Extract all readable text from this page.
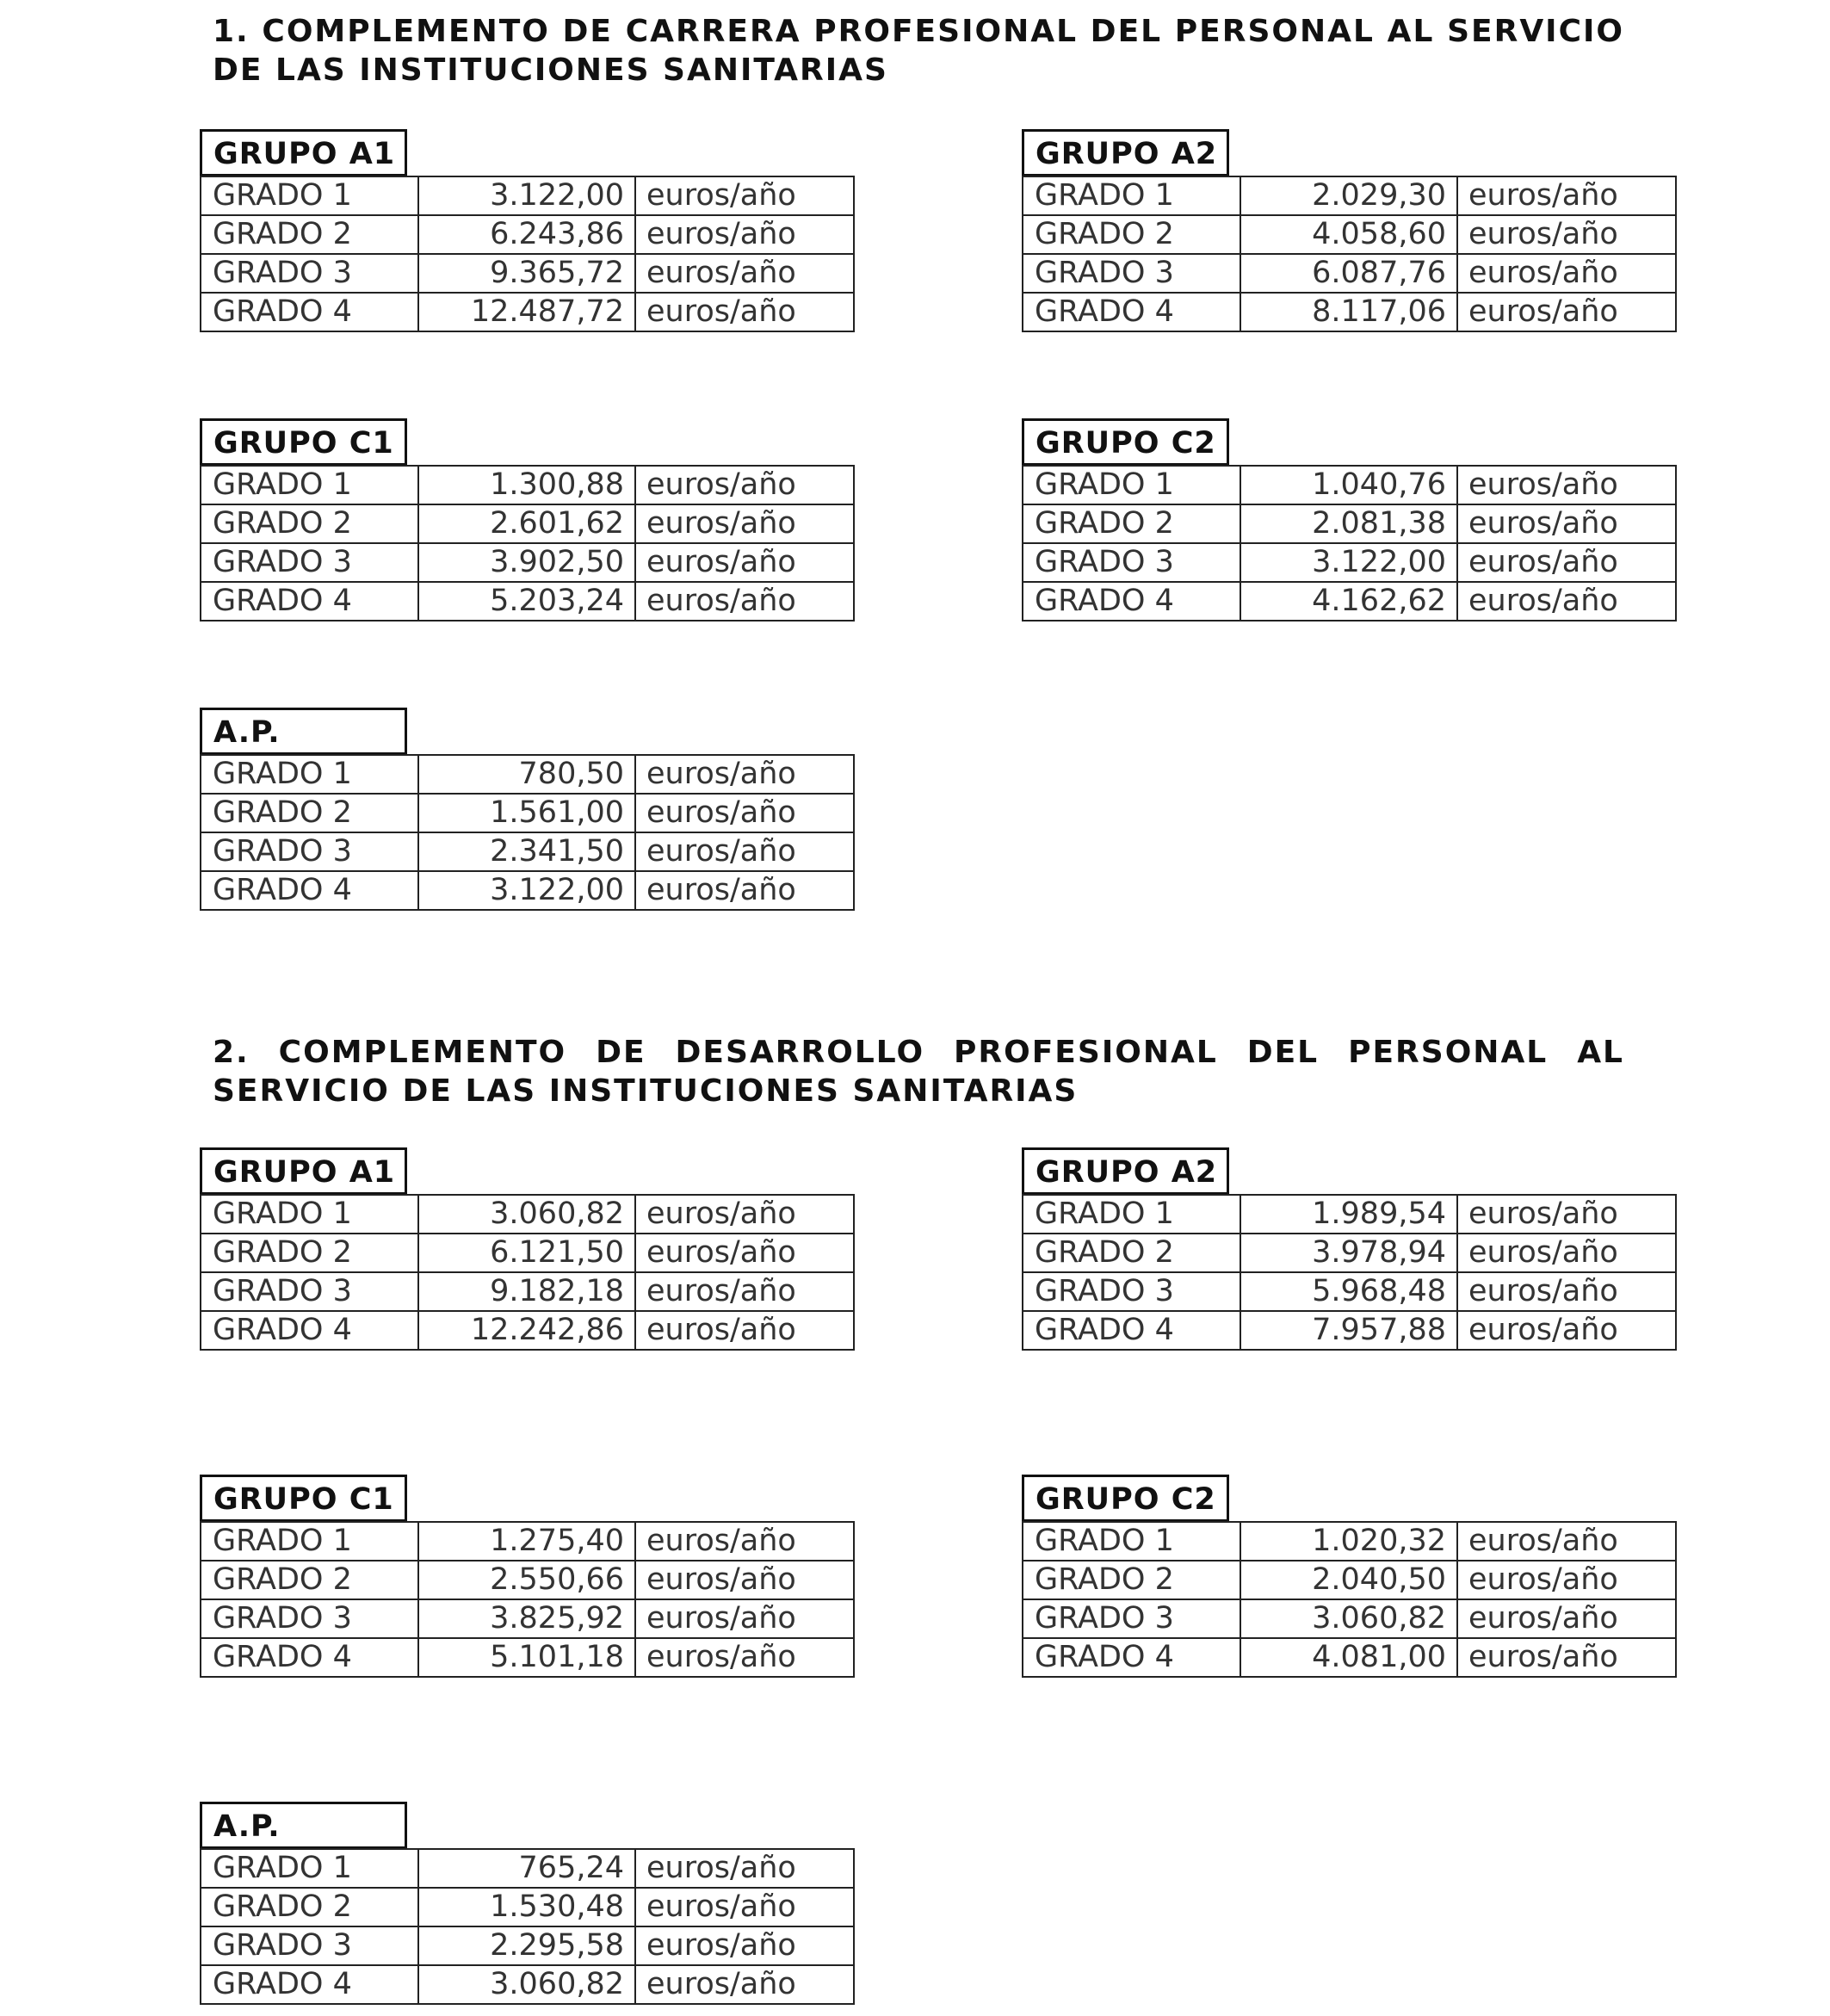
1. COMPLEMENTO DE CARRERA PROFESIONAL DEL PERSONAL AL SERVICIO DE LAS INSTITUCIONES SANITARIAS
GRUPO A1
GRADO 1	3.122,00	euros/año
GRADO 2	6.243,86	euros/año
GRADO 3	9.365,72	euros/año
GRADO 4	12.487,72	euros/año
GRUPO A2
GRADO 1	2.029,30	euros/año
GRADO 2	4.058,60	euros/año
GRADO 3	6.087,76	euros/año
GRADO 4	8.117,06	euros/año
GRUPO C1
GRADO 1	1.300,88	euros/año
GRADO 2	2.601,62	euros/año
GRADO 3	3.902,50	euros/año
GRADO 4	5.203,24	euros/año
GRUPO C2
GRADO 1	1.040,76	euros/año
GRADO 2	2.081,38	euros/año
GRADO 3	3.122,00	euros/año
GRADO 4	4.162,62	euros/año
A.P.
GRADO 1	780,50	euros/año
GRADO 2	1.561,00	euros/año
GRADO 3	2.341,50	euros/año
GRADO 4	3.122,00	euros/año
2. COMPLEMENTO DE DESARROLLO PROFESIONAL DEL PERSONAL AL SERVICIO DE LAS INSTITUCIONES SANITARIAS
GRUPO A1
GRADO 1	3.060,82	euros/año
GRADO 2	6.121,50	euros/año
GRADO 3	9.182,18	euros/año
GRADO 4	12.242,86	euros/año
GRUPO A2
GRADO 1	1.989,54	euros/año
GRADO 2	3.978,94	euros/año
GRADO 3	5.968,48	euros/año
GRADO 4	7.957,88	euros/año
GRUPO C1
GRADO 1	1.275,40	euros/año
GRADO 2	2.550,66	euros/año
GRADO 3	3.825,92	euros/año
GRADO 4	5.101,18	euros/año
GRUPO C2
GRADO 1	1.020,32	euros/año
GRADO 2	2.040,50	euros/año
GRADO 3	3.060,82	euros/año
GRADO 4	4.081,00	euros/año
A.P.
GRADO 1	765,24	euros/año
GRADO 2	1.530,48	euros/año
GRADO 3	2.295,58	euros/año
GRADO 4	3.060,82	euros/año
